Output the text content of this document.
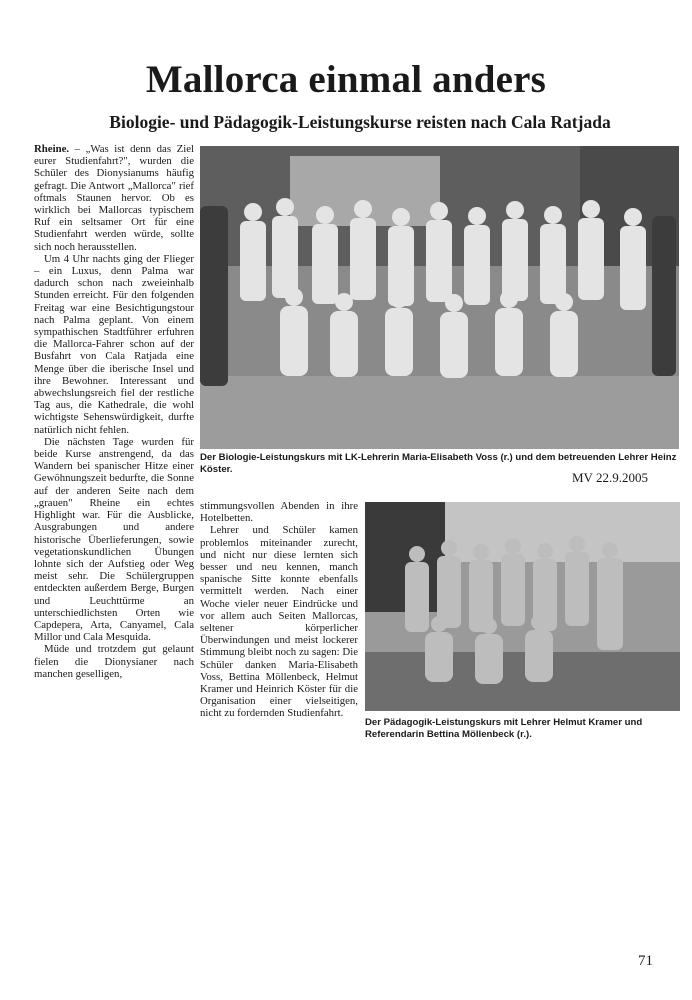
Mallorca einmal anders
Biologie- und Pädagogik-Leistungskurse reisten nach Cala Ratjada

Rheine. – „Was ist denn das Ziel eurer Studienfahrt?", wurden die Schüler des Dionysianums häufig gefragt. Die Antwort „Mallorca" rief oftmals Staunen hervor. Ob es wirklich bei Mallorcas typischem Ruf ein seltsamer Ort für eine Studienfahrt werden würde, sollte sich noch herausstellen.

Um 4 Uhr nachts ging der Flieger – ein Luxus, denn Palma war dadurch schon nach zweieinhalb Stunden erreicht. Für den folgenden Freitag war eine Besichtigungstour nach Palma geplant. Von einem sympathischen Stadtführer erfuhren die Mallorca-Fahrer schon auf der Busfahrt von Cala Ratjada eine Menge über die iberische Insel und ihre Bewohner. Interessant und abwechslungsreich fiel der restliche Tag aus, die Kathedrale, die wohl wichtigste Sehenswürdigkeit, durfte natürlich nicht fehlen.

Die nächsten Tage wurden für beide Kurse anstrengend, da das Wandern bei spanischer Hitze einer Gewöhnungszeit bedurfte, die Sonne auf der anderen Seite nach dem „grauen" Rheine ein echtes Highlight war. Für die Ausblicke, Ausgrabungen und andere historische Überlieferungen, sowie vegetationskundlichen Übungen lohnte sich der Aufstieg oder Weg meist sehr. Die Schülergruppen entdeckten außerdem Berge, Burgen und Leuchttürme an unterschiedlichsten Orten wie Capdepera, Arta, Canyamel, Cala Millor und Cala Mesquida.

Müde und trotzdem gut gelaunt fielen die Dionysianer nach manchen geselligen,

Der Biologie-Leistungskurs mit LK-Lehrerin Maria-Elisabeth Voss (r.) und dem betreuenden Lehrer Heinz Köster.

MV 22.9.2005

stimmungsvollen Abenden in ihre Hotelbetten.

Lehrer und Schüler kamen problemlos miteinander zurecht, und nicht nur diese lernten sich besser und neu kennen, manch spanische Sitte konnte ebenfalls vermittelt werden. Nach einer Woche vieler neuer Eindrücke und vor allem auch Seiten Mallorcas, seltener körperlicher Überwindungen und meist lockerer Stimmung bleibt noch zu sagen: Die Schüler danken Maria-Elisabeth Voss, Bettina Möllenbeck, Helmut Kramer und Heinrich Köster für die Organisation einer vielseitigen, nicht zu fordernden Studienfahrt.

Der Pädagogik-Leistungskurs mit Lehrer Helmut Kramer und Referendarin Bettina Möllenbeck (r.).

71
